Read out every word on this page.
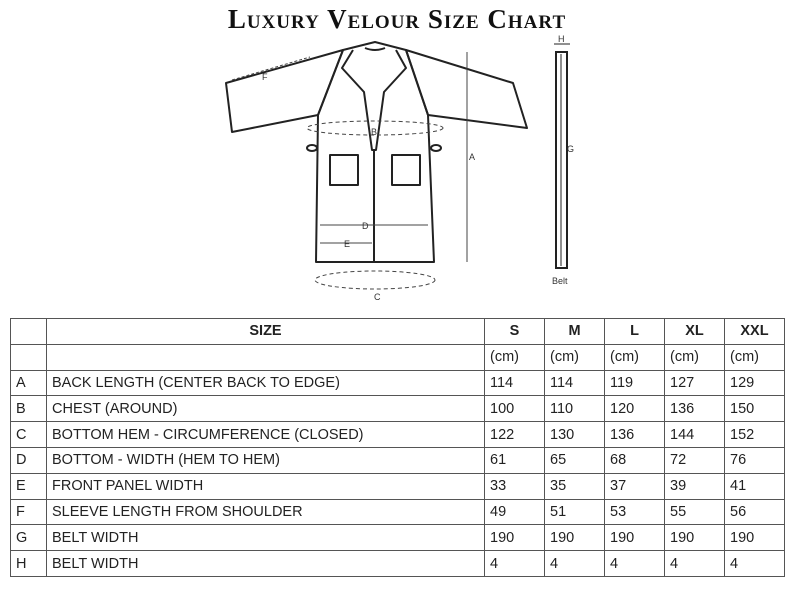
Luxury Velour Size Chart
F
B
C
A
D
E
G
H
Belt
	SIZE	S	M	L	XL	XXL
		(cm)	(cm)	(cm)	(cm)	(cm)
A	BACK LENGTH (CENTER BACK TO EDGE)	114	114	119	127	129
B	CHEST (AROUND)	100	110	120	136	150
C	BOTTOM HEM - CIRCUMFERENCE (CLOSED)	122	130	136	144	152
D	BOTTOM - WIDTH (HEM TO HEM)	61	65	68	72	76
E	FRONT PANEL WIDTH	33	35	37	39	41
F	SLEEVE LENGTH FROM SHOULDER	49	51	53	55	56
G	BELT WIDTH	190	190	190	190	190
H	BELT WIDTH	4	4	4	4	4
